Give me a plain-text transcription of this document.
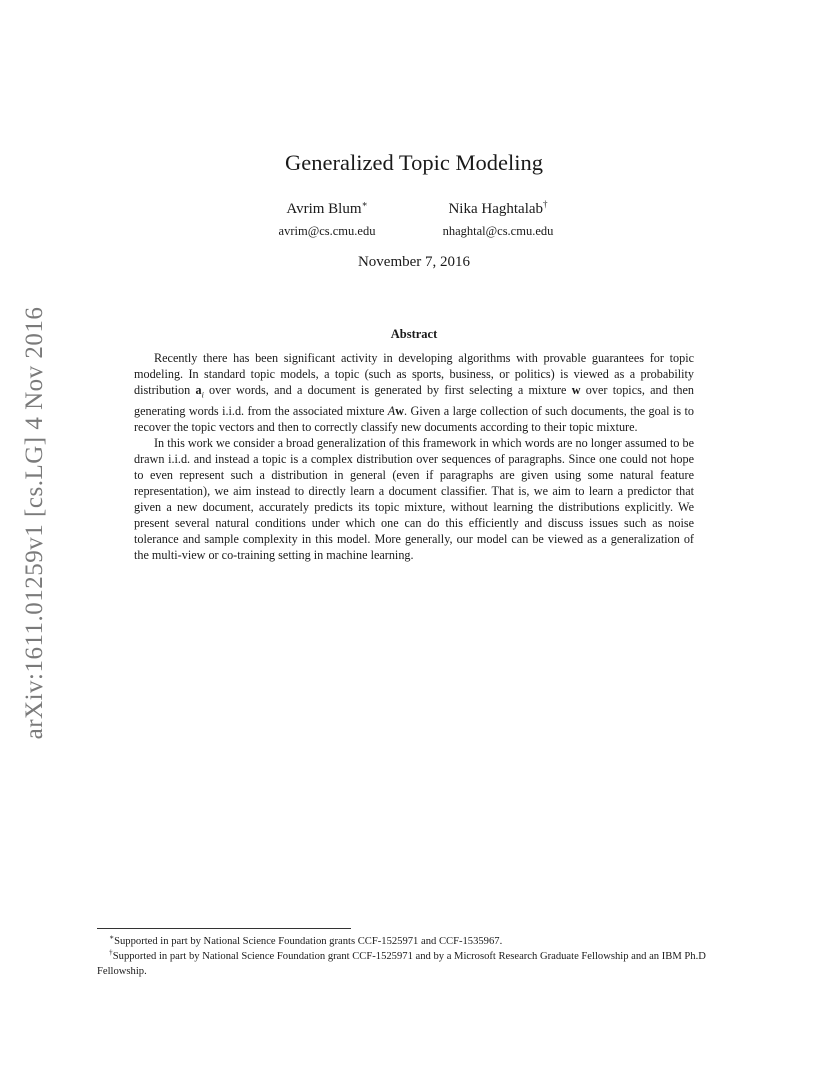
arXiv:1611.01259v1 [cs.LG] 4 Nov 2016
Generalized Topic Modeling
Avrim Blum∗
avrim@cs.cmu.edu
Nika Haghtalab†
nhaghtal@cs.cmu.edu
November 7, 2016
Abstract

Recently there has been significant activity in developing algorithms with provable guarantees for topic modeling. In standard topic models, a topic (such as sports, business, or politics) is viewed as a probability distribution $a_i$ over words, and a document is generated by first selecting a mixture w over topics, and then generating words i.i.d. from the associated mixture Aw. Given a large collection of such documents, the goal is to recover the topic vectors and then to correctly classify new documents according to their topic mixture.

In this work we consider a broad generalization of this framework in which words are no longer assumed to be drawn i.i.d. and instead a topic is a complex distribution over sequences of paragraphs. Since one could not hope to even represent such a distribution in general (even if paragraphs are given using some natural feature representation), we aim instead to directly learn a document classifier. That is, we aim to learn a predictor that given a new document, accurately predicts its topic mixture, without learning the distributions explicitly. We present several natural conditions under which one can do this efficiently and discuss issues such as noise tolerance and sample complexity in this model. More generally, our model can be viewed as a generalization of the multi-view or co-training setting in machine learning.

∗Supported in part by National Science Foundation grants CCF-1525971 and CCF-1535967.

†Supported in part by National Science Foundation grant CCF-1525971 and by a Microsoft Research Graduate Fellowship and an IBM Ph.D Fellowship.
